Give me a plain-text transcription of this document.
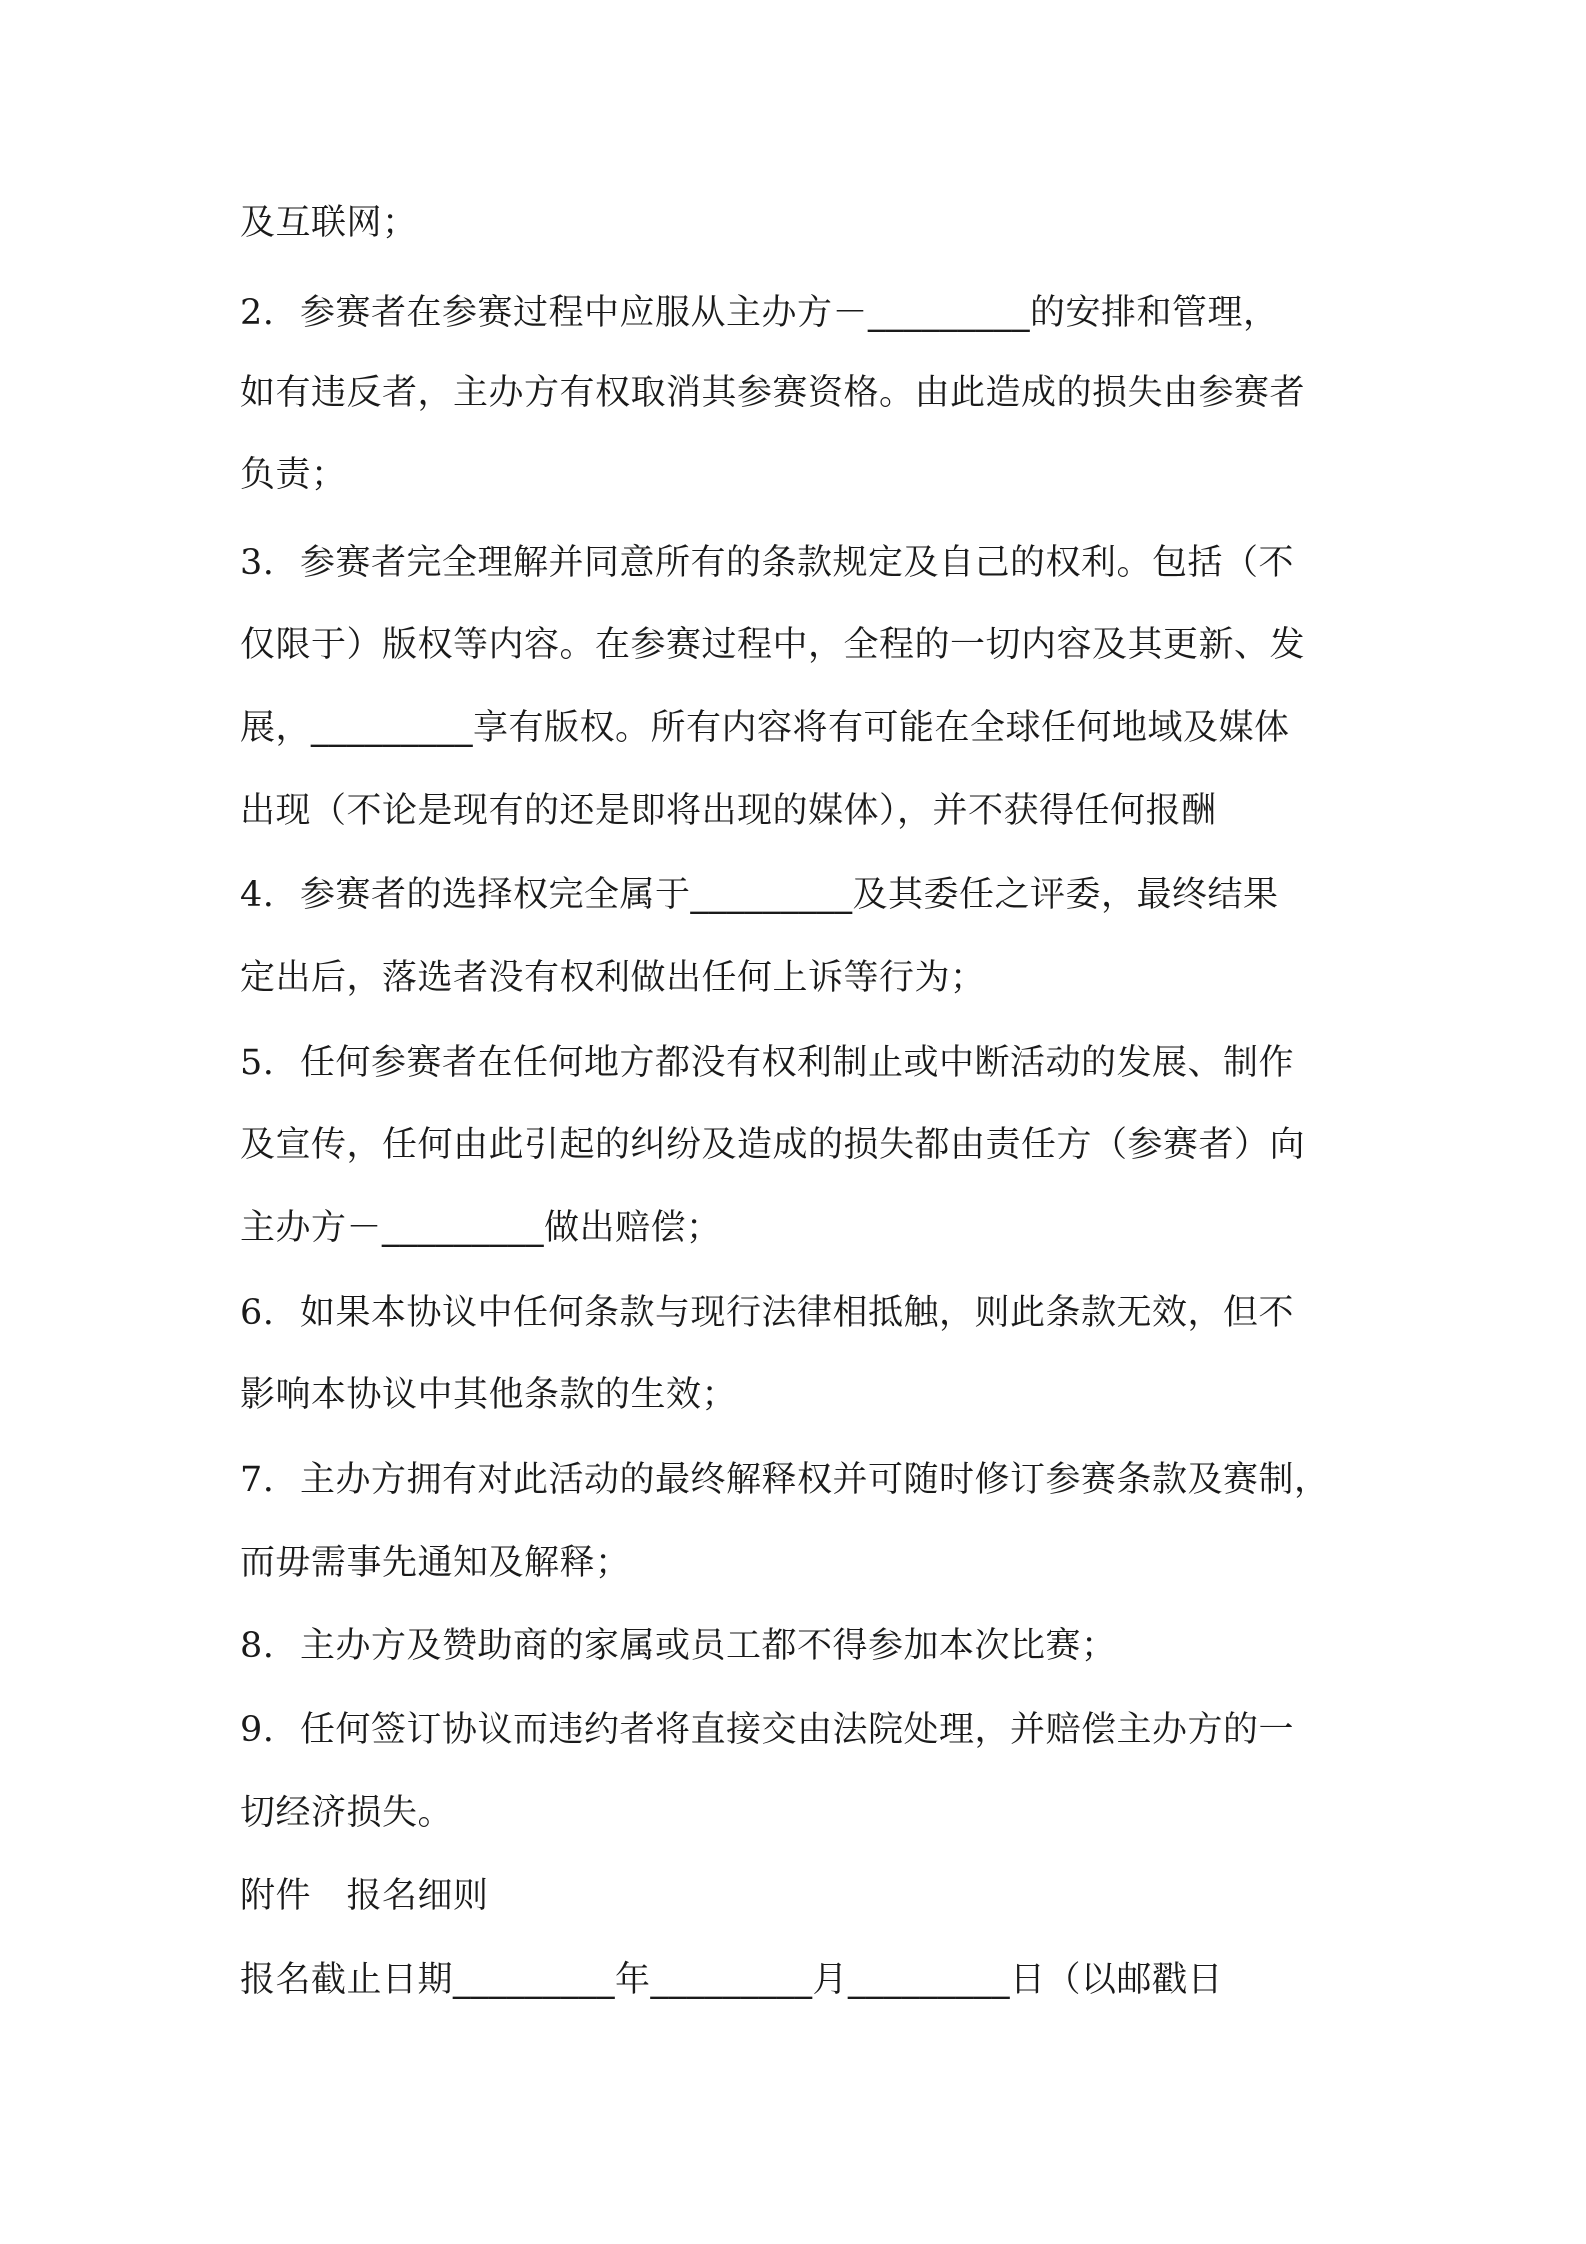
及互联网；
2. 参赛者在参赛过程中应服从主办方－_________的安排和管理，
如有违反者，主办方有权取消其参赛资格。由此造成的损失由参赛者
负责；
3. 参赛者完全理解并同意所有的条款规定及自己的权利。包括（不
仅限于）版权等内容。在参赛过程中，全程的一切内容及其更新、发
展，_________享有版权。所有内容将有可能在全球任何地域及媒体
出现（不论是现有的还是即将出现的媒体），并不获得任何报酬
4. 参赛者的选择权完全属于_________及其委任之评委，最终结果
定出后，落选者没有权利做出任何上诉等行为；
5. 任何参赛者在任何地方都没有权利制止或中断活动的发展、制作
及宣传，任何由此引起的纠纷及造成的损失都由责任方（参赛者）向
主办方－_________做出赔偿；
6. 如果本协议中任何条款与现行法律相抵触，则此条款无效，但不
影响本协议中其他条款的生效；
7. 主办方拥有对此活动的最终解释权并可随时修订参赛条款及赛制，
而毋需事先通知及解释；
8. 主办方及赞助商的家属或员工都不得参加本次比赛；
9. 任何签订协议而违约者将直接交由法院处理，并赔偿主办方的一
切经济损失。
附件　报名细则
报名截止日期_________年_________月_________日（以邮戳日
